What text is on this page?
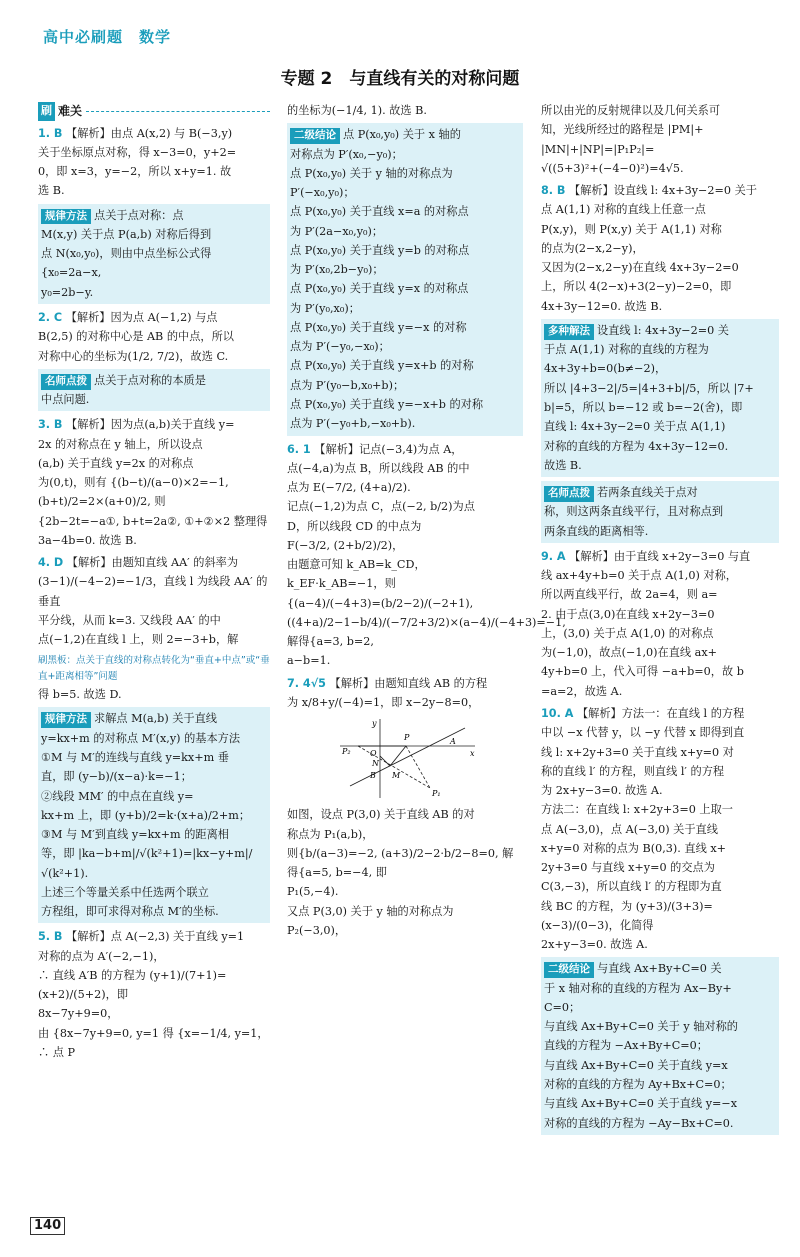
高中必刷题　数学
专题 2　与直线有关的对称问题
刷 难关
1. B 【解析】由点 A(x,2) 与 B(−3,y)

关于坐标原点对称，得 x−3=0，y+2=
0，即 x=3，y=−2，所以 x+y=1. 故
选 B.
规律方法 点关于点对称：点

M(x,y) 关于点 P(a,b) 对称后得到
点 N(x₀,y₀)，则由中点坐标公式得
{x₀=2a−x,
y₀=2b−y.
2. C 【解析】因为点 A(−1,2) 与点

B(2,5) 的对称中心是 AB 的中点，所以
对称中心的坐标为(1/2, 7/2)，故选 C.
名师点拨 点关于点对称的本质是

中点问题.
3. B 【解析】因为点(a,b)关于直线 y=

2x 的对称点在 y 轴上，所以设点
(a,b) 关于直线 y=2x 的对称点
为(0,t)，则有 {(b−t)/(a−0)×2=−1,
(b+t)/2=2×(a+0)/2, 则
{2b−2t=−a①, b+t=2a②, ①+②×2 整理得
3a−4b=0. 故选 B.
4. D 【解析】由题知直线 AA′ 的斜率为

(3−1)/(−4−2)=−1/3，直线 l 为线段 AA′ 的垂直
平分线，从而 k=3. 又线段 AA′ 的中
点(−1,2)在直线 l 上，则 2=−3+b，解
刷黑板：点关于直线的对称点转化为“垂直+中点”或“垂直+距离相等”问题
得 b=5. 故选 D.
规律方法 求解点 M(a,b) 关于直线

y=kx+m 的对称点 M′(x,y) 的基本方法
①M 与 M′的连线与直线 y=kx+m 垂
直，即 (y−b)/(x−a)·k=−1；
②线段 MM′ 的中点在直线 y=
kx+m 上，即 (y+b)/2=k·(x+a)/2+m；
③M 与 M′到直线 y=kx+m 的距离相
等，即 |ka−b+m|/√(k²+1)=|kx−y+m|/√(k²+1).
上述三个等量关系中任选两个联立
方程组，即可求得对称点 M′的坐标.
5. B 【解析】点 A(−2,3) 关于直线 y=1

对称的点为 A′(−2,−1)，
∴ 直线 A′B 的方程为 (y+1)/(7+1)=(x+2)/(5+2)，即
8x−7y+9=0，
由 {8x−7y+9=0, y=1 得 {x=−1/4, y=1，∴ 点 P
的坐标为(−1/4, 1). 故选 B.
二级结论 点 P(x₀,y₀) 关于 x 轴的

对称点为 P′(x₀,−y₀)；
点 P(x₀,y₀) 关于 y 轴的对称点为
P′(−x₀,y₀)；
点 P(x₀,y₀) 关于直线 x=a 的对称点
为 P′(2a−x₀,y₀)；
点 P(x₀,y₀) 关于直线 y=b 的对称点
为 P′(x₀,2b−y₀)；
点 P(x₀,y₀) 关于直线 y=x 的对称点
为 P′(y₀,x₀)；
点 P(x₀,y₀) 关于直线 y=−x 的对称
点为 P′(−y₀,−x₀)；
点 P(x₀,y₀) 关于直线 y=x+b 的对称
点为 P′(y₀−b,x₀+b)；
点 P(x₀,y₀) 关于直线 y=−x+b 的对称
点为 P′(−y₀+b,−x₀+b).
6. 1 【解析】记点(−3,4)为点 A，

点(−4,a)为点 B，所以线段 AB 的中
点为 E(−7/2, (4+a)/2).
记点(−1,2)为点 C，点(−2, b/2)为点
D，所以线段 CD 的中点为
F(−3/2, (2+b/2)/2)，
由题意可知 k_AB=k_CD，k_EF·k_AB=−1，则
{(a−4)/(−4+3)=(b/2−2)/(−2+1),
((4+a)/2−1−b/4)/(−7/2+3/2)×(a−4)/(−4+3)=−1, 解得{a=3, b=2,
a−b=1.
7. 4√5 【解析】由题知直线 AB 的方程

为 x/8+y/(−4)=1，即 x−2y−8=0，
y
x
O
P
P₁
P₂
A
B M
N
如图，设点 P(3,0) 关于直线 AB 的对
称点为 P₁(a,b)，
则{b/(a−3)=−2, (a+3)/2−2·b/2−8=0, 解得{a=5, b=−4, 即
P₁(5,−4).
又点 P(3,0) 关于 y 轴的对称点为
P₂(−3,0)，
所以由光的反射规律以及几何关系可
知，光线所经过的路程是 |PM|+
|MN|+|NP|=|P₁P₂|=
√((5+3)²+(−4−0)²)=4√5.
8. B 【解析】设直线 l: 4x+3y−2=0 关于

点 A(1,1) 对称的直线上任意一点
P(x,y)，则 P(x,y) 关于 A(1,1) 对称
的点为(2−x,2−y)，
又因为(2−x,2−y)在直线 4x+3y−2=0
上，所以 4(2−x)+3(2−y)−2=0，即
4x+3y−12=0. 故选 B.
多种解法 设直线 l: 4x+3y−2=0 关

于点 A(1,1) 对称的直线的方程为
4x+3y+b=0(b≠−2)，
所以 |4+3−2|/5=|4+3+b|/5，所以 |7+
b|=5，所以 b=−12 或 b=−2(舍)，即
直线 l: 4x+3y−2=0 关于点 A(1,1)
对称的直线的方程为 4x+3y−12=0.
故选 B.
名师点拨 若两条直线关于点对

称，则这两条直线平行，且对称点到
两条直线的距离相等.
9. A 【解析】由于直线 x+2y−3=0 与直

线 ax+4y+b=0 关于点 A(1,0) 对称，
所以两直线平行，故 2a=4，则 a=
2. 由于点(3,0)在直线 x+2y−3=0
上，(3,0) 关于点 A(1,0) 的对称点
为(−1,0)，故点(−1,0)在直线 ax+
4y+b=0 上，代入可得 −a+b=0，故 b
=a=2，故选 A.
10. A 【解析】方法一：在直线 l 的方程

中以 −x 代替 y，以 −y 代替 x 即得到直
线 l: x+2y+3=0 关于直线 x+y=0 对
称的直线 l′ 的方程，则直线 l′ 的方程
为 2x+y−3=0. 故选 A.
方法二：在直线 l: x+2y+3=0 上取一
点 A(−3,0)，点 A(−3,0) 关于直线
x+y=0 对称的点为 B(0,3). 直线 x+
2y+3=0 与直线 x+y=0 的交点为
C(3,−3)，所以直线 l′ 的方程即为直
线 BC 的方程，为 (y+3)/(3+3)=(x−3)/(0−3)，化简得
2x+y−3=0. 故选 A.
二级结论 与直线 Ax+By+C=0 关

于 x 轴对称的直线的方程为 Ax−By+
C=0；
与直线 Ax+By+C=0 关于 y 轴对称的
直线的方程为 −Ax+By+C=0；
与直线 Ax+By+C=0 关于直线 y=x
对称的直线的方程为 Ay+Bx+C=0；
与直线 Ax+By+C=0 关于直线 y=−x
对称的直线的方程为 −Ay−Bx+C=0.
140
